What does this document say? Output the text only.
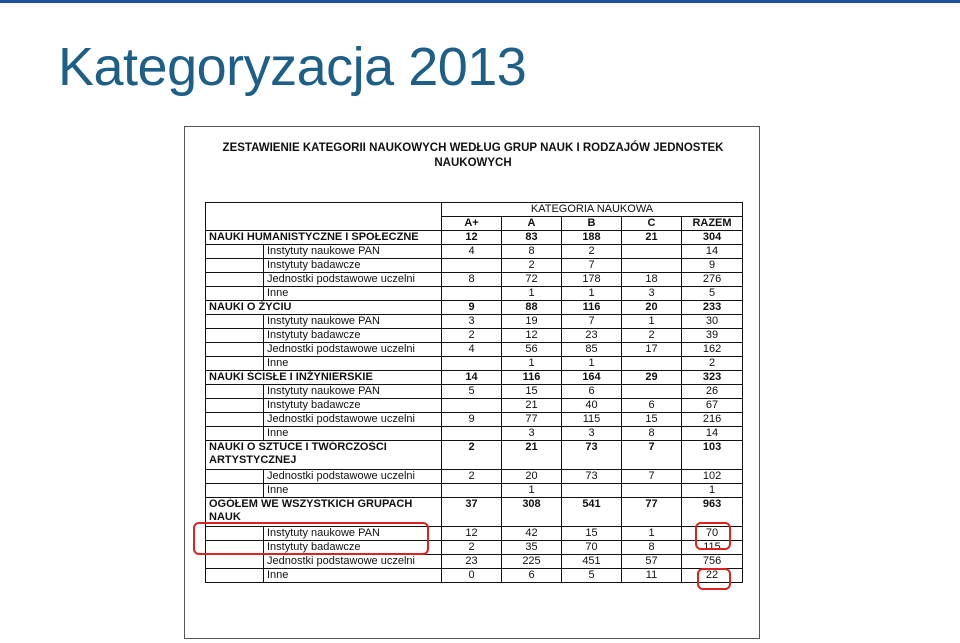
Kategoryzacja 2013
ZESTAWIENIE KATEGORII NAUKOWYCH WEDŁUG GRUP NAUK I RODZAJÓW JEDNOSTEK
NAUKOWYCH
		KATEGORIA NAUKOWA				
		A+	A	B	C	RAZEM
NAUKI HUMANISTYCZNE I SPOŁECZNE		12	83	188	21	304
	Instytuty naukowe PAN	4	8	2		14
	Instytuty badawcze		2	7		9
	Jednostki podstawowe uczelni	8	72	178	18	276
	Inne		1	1	3	5
NAUKI O ŻYCIU		9	88	116	20	233
	Instytuty naukowe PAN	3	19	7	1	30
	Instytuty badawcze	2	12	23	2	39
	Jednostki podstawowe uczelni	4	56	85	17	162
	Inne		1	1		2
NAUKI ŚCISŁE I INŻYNIERSKIE		14	116	164	29	323
	Instytuty naukowe PAN	5	15	6		26
	Instytuty badawcze		21	40	6	67
	Jednostki podstawowe uczelni	9	77	115	15	216
	Inne		3	3	8	14
NAUKI O SZTUCE I TWÓRCZOŚCI ARTYSTYCZNEJ		2	21	73	7	103
	Jednostki podstawowe uczelni	2	20	73	7	102
	Inne		1			1
OGÓŁEM WE WSZYSTKICH GRUPACH NAUK		37	308	541	77	963
	Instytuty naukowe PAN	12	42	15	1	70
	Instytuty badawcze	2	35	70	8	115
	Jednostki podstawowe uczelni	23	225	451	57	756
	Inne	0	6	5	11	22
